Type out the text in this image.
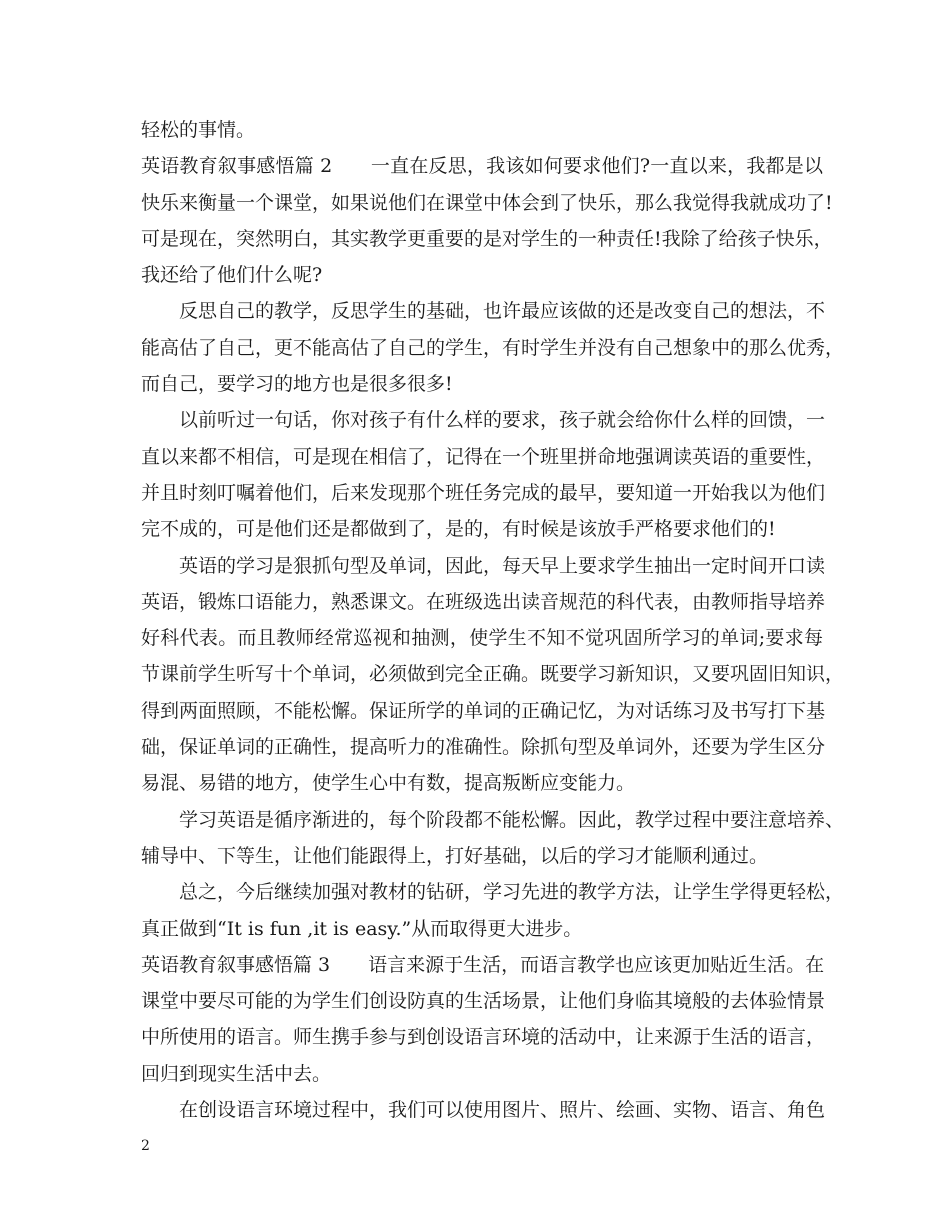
轻松的事情。
英语教育叙事感悟篇 2　　一直在反思，我该如何要求他们?一直以来，我都是以
快乐来衡量一个课堂，如果说他们在课堂中体会到了快乐，那么我觉得我就成功了!
可是现在，突然明白，其实教学更重要的是对学生的一种责任!我除了给孩子快乐，
我还给了他们什么呢?
反思自己的教学，反思学生的基础，也许最应该做的还是改变自己的想法，不
能高估了自己，更不能高估了自己的学生，有时学生并没有自己想象中的那么优秀，
而自己，要学习的地方也是很多很多!
以前听过一句话，你对孩子有什么样的要求，孩子就会给你什么样的回馈，一
直以来都不相信，可是现在相信了，记得在一个班里拼命地强调读英语的重要性，
并且时刻叮嘱着他们，后来发现那个班任务完成的最早，要知道一开始我以为他们
完不成的，可是他们还是都做到了，是的，有时候是该放手严格要求他们的!
英语的学习是狠抓句型及单词，因此，每天早上要求学生抽出一定时间开口读
英语，锻炼口语能力，熟悉课文。在班级选出读音规范的科代表，由教师指导培养
好科代表。而且教师经常巡视和抽测，使学生不知不觉巩固所学习的单词;要求每
节课前学生听写十个单词，必须做到完全正确。既要学习新知识，又要巩固旧知识，
得到两面照顾，不能松懈。保证所学的单词的正确记忆，为对话练习及书写打下基
础，保证单词的正确性，提高听力的准确性。除抓句型及单词外，还要为学生区分
易混、易错的地方，使学生心中有数，提高叛断应变能力。
学习英语是循序渐进的，每个阶段都不能松懈。因此，教学过程中要注意培养、
辅导中、下等生，让他们能跟得上，打好基础，以后的学习才能顺利通过。
总之，今后继续加强对教材的钻研，学习先进的教学方法，让学生学得更轻松，
真正做到“It is fun ,it is easy.”从而取得更大进步。
英语教育叙事感悟篇 3　　语言来源于生活，而语言教学也应该更加贴近生活。在
课堂中要尽可能的为学生们创设防真的生活场景，让他们身临其境般的去体验情景
中所使用的语言。师生携手参与到创设语言环境的活动中，让来源于生活的语言，
回归到现实生活中去。
在创设语言环境过程中，我们可以使用图片、照片、绘画、实物、语言、角色
2
